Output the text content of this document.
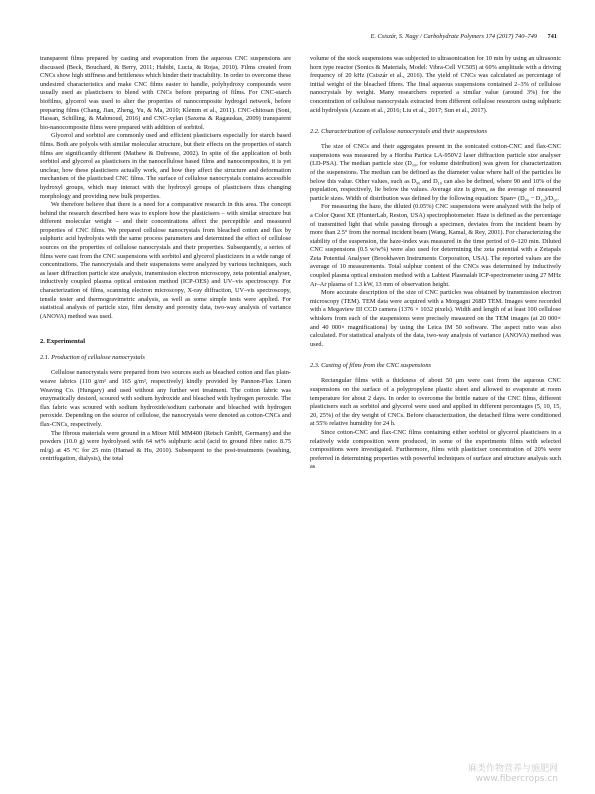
E. Csiszár, S. Nagy / Carbohydrate Polymers 174 (2017) 740–749 741

transparent films prepared by casting and evaporation from the aqueous CNC suspensions are discussed (Beck, Bouchard, & Berry, 2011; Habibi, Lucia, & Rojas, 2010). Films created from CNCs show high stiffness and brittleness which hinder their tractability. In order to overcome these undesired characteristics and make CNC films easier to handle, polyhydroxy compounds were usually used as plasticisers to blend with CNCs before preparing of films. For CNC-starch biofilms, glycerol was used to alter the properties of nanocomposite hydrogel network, before preparing films (Chang, Jian, Zheng, Yu, & Ma, 2010; Klemm et al., 2011). CNC-chitosan (Soni, Hassan, Schilling, & Mahmoud, 2016) and CNC-xylan (Saxena & Ragauskas, 2009) transparent bio-nanocomposite films were prepared with addition of sorbitol.

Glycerol and sorbitol are commonly used and efficient plasticisers especially for starch based films. Both are polyols with similar molecular structure, but their effects on the properties of starch films are significantly different (Mathew & Dufresne, 2002). In spite of the application of both sorbitol and glycerol as plasticisers in the nanocellulose based films and nanocomposites, it is yet unclear, how these plasticisers actually work, and how they affect the structure and deformation mechanism of the plasticised CNC films. The surface of cellulose nanocrystals contains accessible hydroxyl groups, which may interact with the hydroxyl groups of plasticisers thus changing morphology and providing new bulk properties.

We therefore believe that there is a need for a comparative research in this area. The concept behind the research described here was to explore how the plasticisers – with similar structure but different molecular weight – and their concentrations affect the perceptible and measured properties of CNC films. We prepared cellulose nanocrystals from bleached cotton and flax by sulphuric acid hydrolysis with the same process parameters and determined the effect of cellulose sources on the properties of cellulose nanocrystals and their properties. Subsequently, a series of films were cast from the CNC suspensions with sorbitol and glycerol plasticizers in a wide range of concentrations. The nanocrystals and their suspensions were analyzed by various techniques, such as laser diffraction particle size analysis, transmission electron microscopy, zeta potential analyser, inductively coupled plasma optical emission method (ICP-OES) and UV–vis spectroscopy. For characterization of films, scanning electron microscopy, X-ray diffraction, UV–vis spectroscopy, tensile tester and thermogravimetric analysis, as well as some simple tests were applied. For statistical analysis of particle size, film density and porosity data, two-way analysis of variance (ANOVA) method was used.

2. Experimental
2.1. Production of cellulose nanocrystals

Cellulose nanocrystals were prepared from two sources such as bleached cotton and flax plain-weave fabrics (110 g/m² and 165 g/m², respectively) kindly provided by Pannon-Flax Linen Weaving Co. (Hungary) and used without any further wet treatment. The cotton fabric was enzymatically desized, scoured with sodium hydroxide and bleached with hydrogen peroxide. The flax fabric was scoured with sodium hydroxide/sodium carbonate and bleached with hydrogen peroxide. Depending on the source of cellulose, the nanocrystals were denoted as cotton-CNCs and flax-CNCs, respectively.

The fibrous materials were ground in a Mixer Mill MM400 (Retsch GmbH, Germany) and the powders (10.0 g) were hydrolysed with 64 wt% sulphuric acid (acid to ground fibre ratio: 8.75 ml/g) at 45 °C for 25 min (Hamad & Hu, 2010). Subsequent to the post-treatments (washing, centrifugation, dialysis), the total

volume of the stock suspensions was subjected to ultrasonication for 10 min by using an ultrasonic horn type reactor (Sonics & Materials, Model: Vibra-Cell VC505) at 60% amplitude with a driving frequency of 20 kHz (Csiszár et al., 2016). The yield of CNCs was calculated as percentage of initial weight of the bleached fibres. The final aqueous suspensions contained 2–3% of cellulose nanocrystals by weight. Many researchers reported a similar value (around 3%) for the concentration of cellulose nanocrystals extracted from different cellulose resources using sulphuric acid hydrolysis (Azzam et al., 2016; Liu et al., 2017; Sun et al., 2017).

2.2. Characterization of cellulose nanocrystals and their suspensions

The size of CNCs and their aggregates present in the sonicated cotton-CNC and flax-CNC suspensions was measured by a Horiba Partica LA-950V2 laser diffraction particle size analyser (LD-PSA). The median particle size (D₅₀, for volume distribution) was given for characterization of the suspensions. The median can be defined as the diameter value where half of the particles lie below this value. Other values, such as D₉₀ and D₁₀ can also be defined, where 90 and 10% of the population, respectively, lie below the values. Average size is given, as the average of measured particle sizes. Width of distribution was defined by the following equation: Span= (D₉₀ − D₁₀)/D₅₀.

For measuring the haze, the diluted (0.05%) CNC suspensions were analyzed with the help of a Color Quest XE (HunterLab, Reston, USA) spectrophotometer. Haze is defined as the percentage of transmitted light that while passing through a specimen, deviates from the incident beam by more than 2.5° from the normal incident beam (Wang, Kamal, & Rey, 2001). For characterizing the stability of the suspension, the haze-index was measured in the time period of 0–120 min. Diluted CNC suspensions (0.5 w/w%) were also used for determining the zeta potential with a Zetapals Zeta Potential Analyser (Brookhaven Instruments Corporation, USA). The reported values are the average of 10 measurements. Total sulphur content of the CNCs was determined by inductively coupled plasma optical emission method with a Labtest Plasmalab ICP-spectrometer using 27 MHz Ar–Ar plasma of 1.3 kW, 13 mm of observation height.

More accurate description of the size of CNC particles was obtained by transmission electron microscopy (TEM). TEM data were acquired with a Morgagni 268D TEM. Images were recorded with a Megaview III CCD camera (1376 × 1032 pixels). Width and length of at least 100 cellulose whiskers from each of the suspensions were precisely measured on the TEM images (at 20 000× and 40 000× magnifications) by using the Leica IM 50 software. The aspect ratio was also calculated. For statistical analysis of the data, two-way analysis of variance (ANOVA) method was used.

2.3. Casting of films from the CNC suspensions

Rectangular films with a thickness of about 50 μm were cast from the aqueous CNC suspensions on the surface of a polypropylene plastic sheet and allowed to evaporate at room temperature for about 2 days. In order to overcome the brittle nature of the CNC films, different plasticisers such as sorbitol and glycerol were used and applied in different percentages (5, 10, 15, 20, 25%) of the dry weight of CNCs. Before characterization, the detached films were conditioned at 55% relative humidity for 24 h.

Since cotton-CNC and flax-CNC films containing either sorbitol or glycerol plasticisers in a relatively wide composition were produced, in some of the experiments films with selected compositions were investigated. Furthermore, films with plasticiser concentration of 20% were preferred in determining properties with powerful techniques of surface and structure analysis such as

麻类作物营养与施肥网
www.fibercrops.cn
